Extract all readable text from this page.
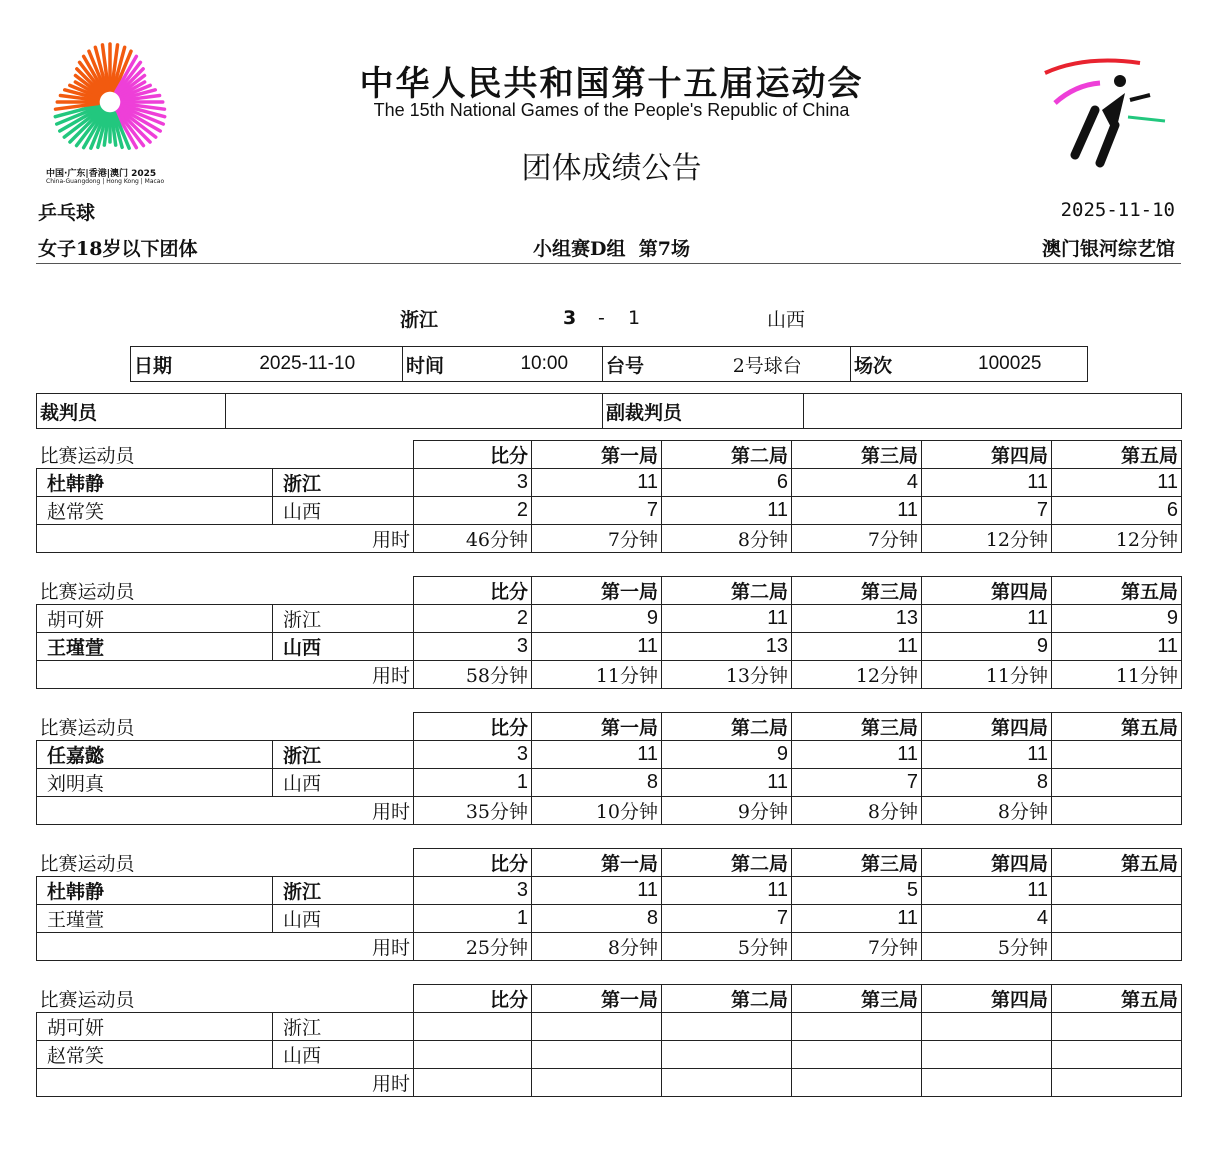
中国·广东|香港|澳门 2025
China-Guangdong | Hong Kong | Macao
中华人民共和国第十五届运动会
The 15th National Games of the People's Republic of China
团体成绩公告
乒乓球	2025-11-10
女子18岁以下团体	小组赛D组  第7场	澳门银河综艺馆
浙江	3 - 1	山西
日期	2025-11-10	时间	10:00	台号	2号球台	场次	100025
裁判员		副裁判员	
比赛运动员		比分	第一局	第二局	第三局	第四局	第五局
杜韩静	浙江	3	11	6	4	11	11
赵常笑	山西	2	7	11	11	7	6
用时		46分钟	7分钟	8分钟	7分钟	12分钟	12分钟
比赛运动员		比分	第一局	第二局	第三局	第四局	第五局
胡可妍	浙江	2	9	11	13	11	9
王瑾萱	山西	3	11	13	11	9	11
用时		58分钟	11分钟	13分钟	12分钟	11分钟	11分钟
比赛运动员		比分	第一局	第二局	第三局	第四局	第五局
任嘉懿	浙江	3	11	9	11	11	
刘明真	山西	1	8	11	7	8	
用时		35分钟	10分钟	9分钟	8分钟	8分钟	
比赛运动员		比分	第一局	第二局	第三局	第四局	第五局
杜韩静	浙江	3	11	11	5	11	
王瑾萱	山西	1	8	7	11	4	
用时		25分钟	8分钟	5分钟	7分钟	5分钟	
比赛运动员		比分	第一局	第二局	第三局	第四局	第五局
胡可妍	浙江						
赵常笑	山西						
用时							
